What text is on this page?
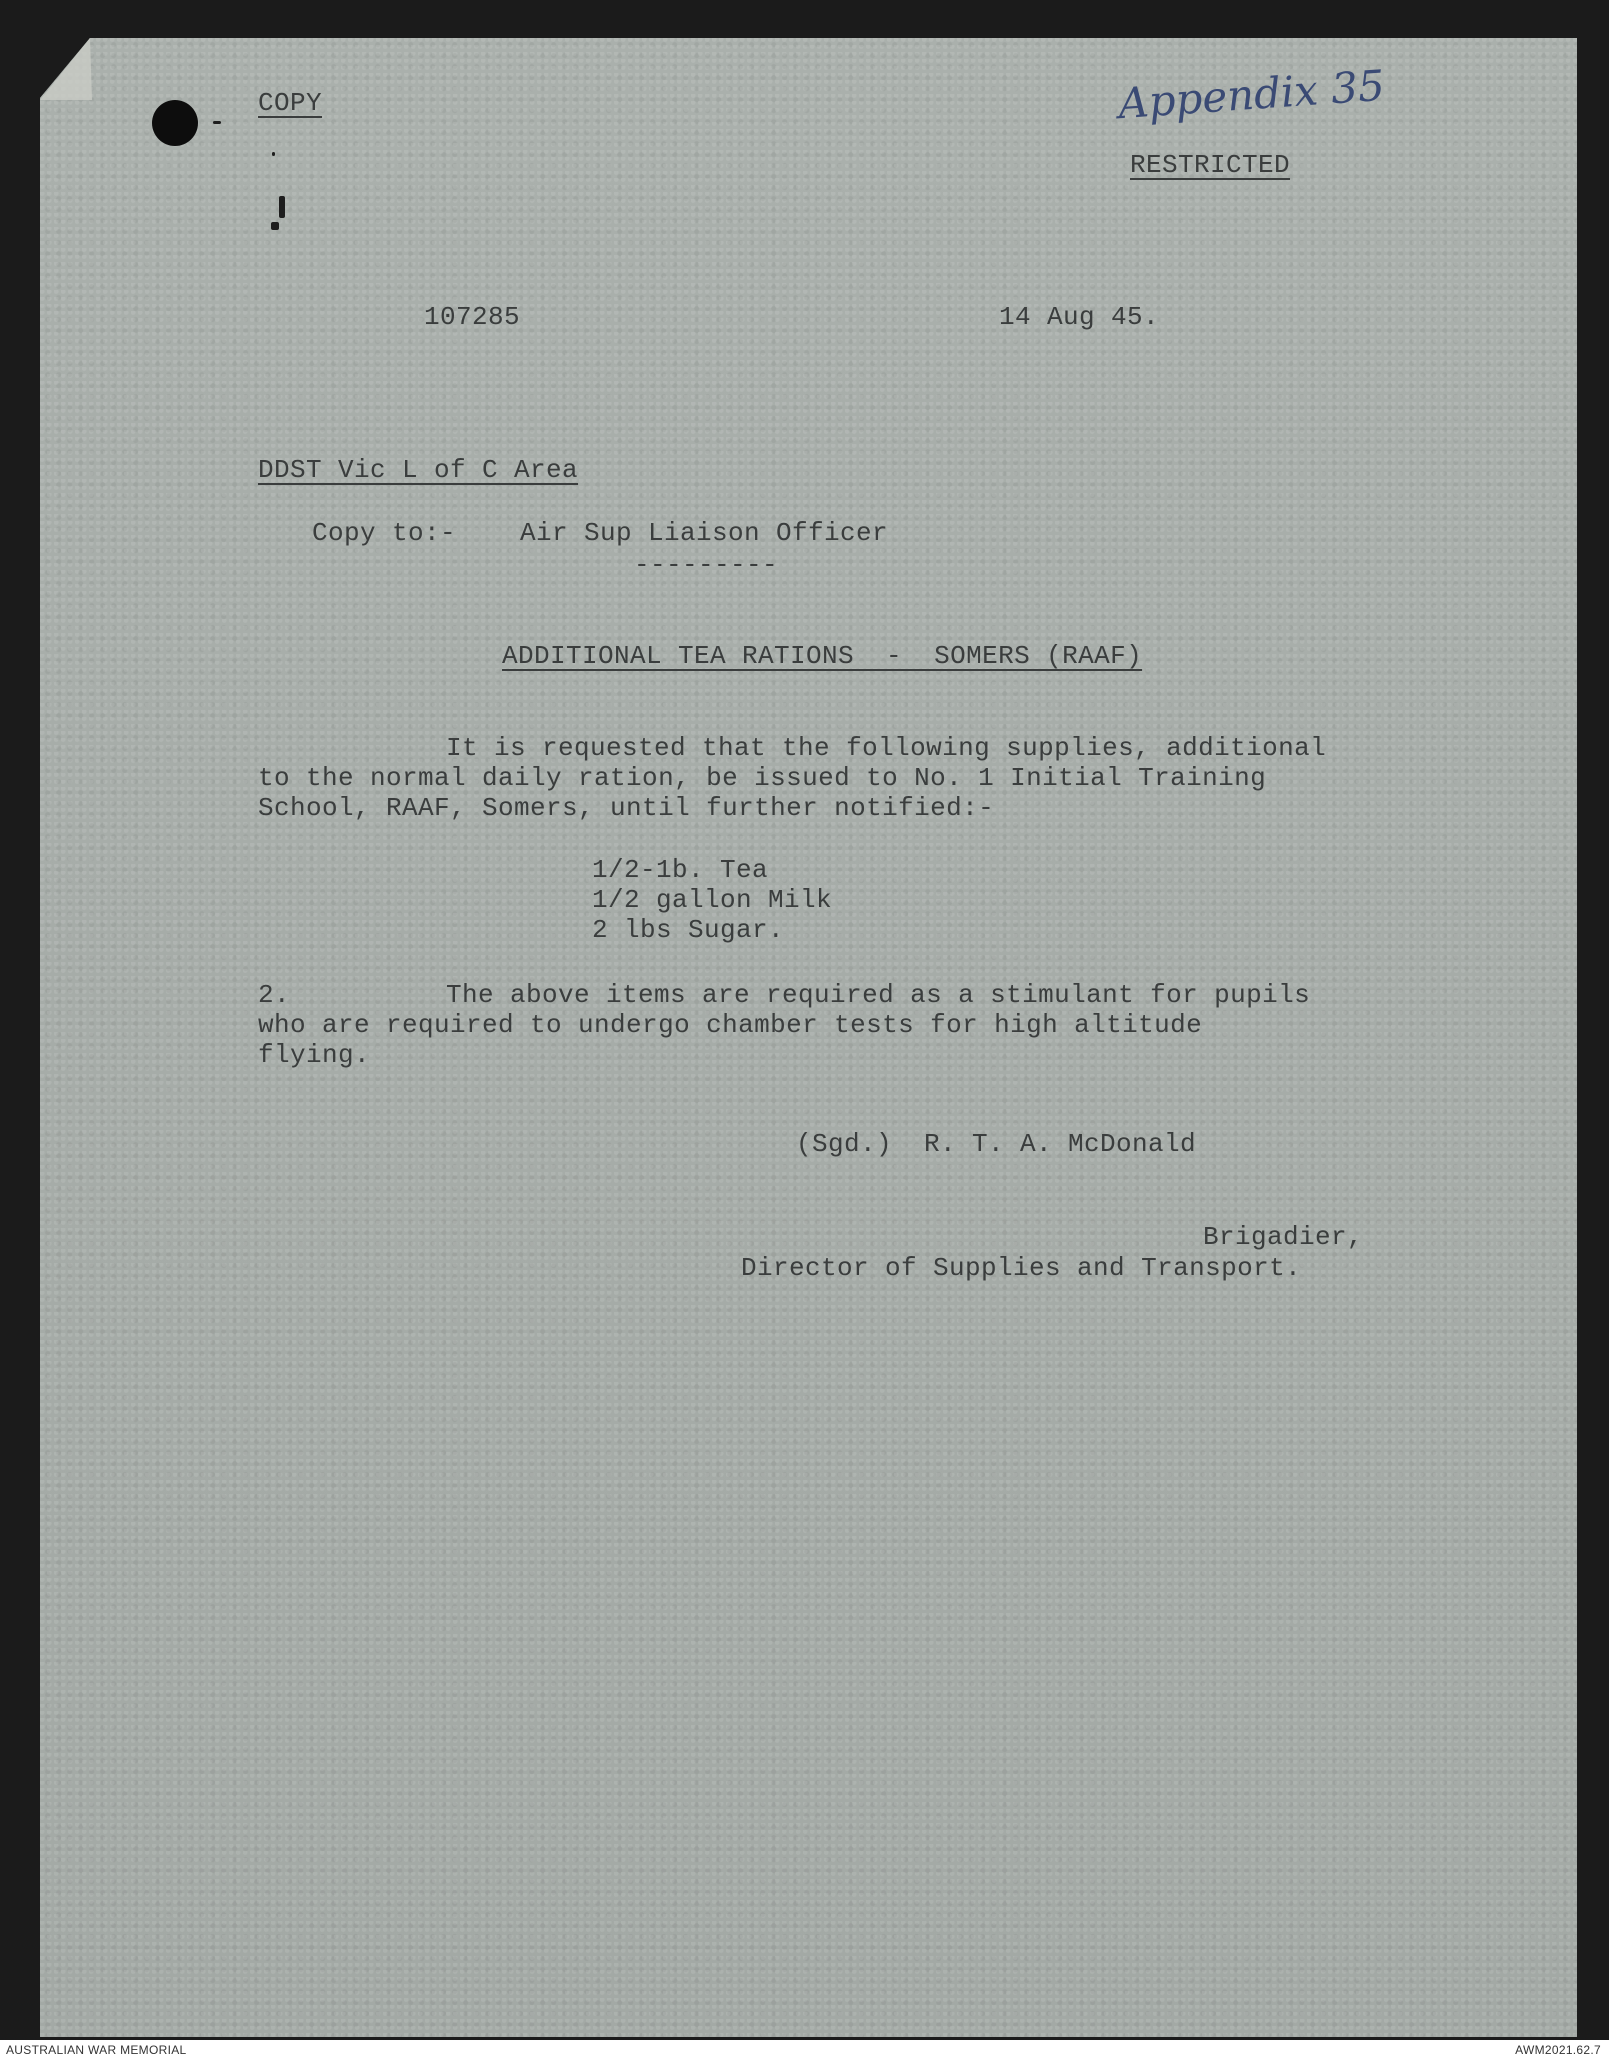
COPY
RESTRICTED
Appendix 35
107285	14 Aug 45.
DDST Vic L of C Area
Copy to:- Air Sup Liaison Officer
---------
ADDITIONAL TEA RATIONS  -  SOMERS (RAAF)
It is requested that the following supplies, additional
to the normal daily ration, be issued to No. 1 Initial Training
School, RAAF, Somers, until further notified:-
1/2-1b. Tea
1/2 gallon Milk
2 lbs Sugar.
2.	The above items are required as a stimulant for pupils
who are required to undergo chamber tests for high altitude
flying.
(Sgd.)  R. T. A. McDonald
Brigadier,
Director of Supplies and Transport.
AUSTRALIAN WAR MEMORIAL	AWM2021.62.7
